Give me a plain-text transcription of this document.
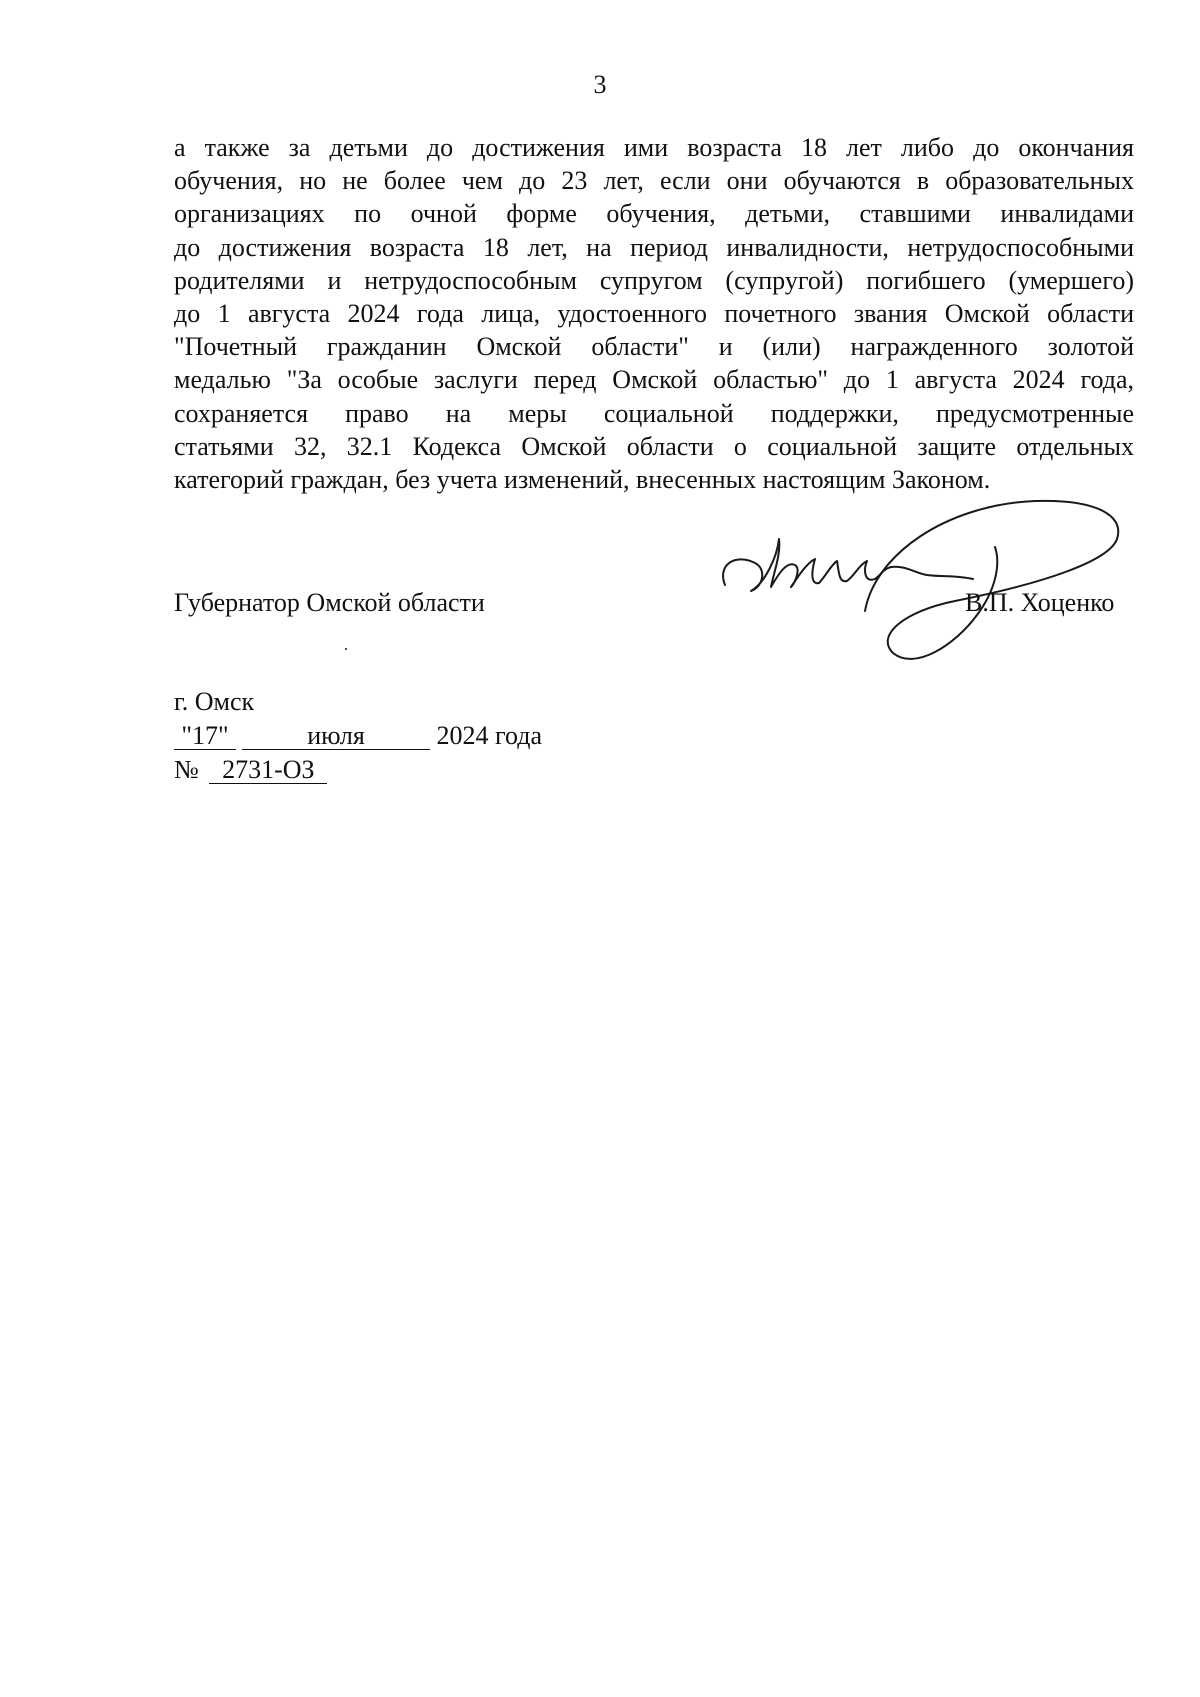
3
а также за детьми до достижения ими возраста 18 лет либо до окончания
обучения, но не более чем до 23 лет, если они обучаются в образовательных
организациях по очной форме обучения, детьми, ставшими инвалидами
до достижения возраста 18 лет, на период инвалидности, нетрудоспособными
родителями и нетрудоспособным супругом (супругой) погибшего (умершего)
до 1 августа 2024 года лица, удостоенного почетного звания Омской области
"Почетный гражданин Омской области" и (или) награжденного золотой
медалью "За особые заслуги перед Омской областью" до 1 августа 2024 года,
сохраняется право на меры социальной поддержки, предусмотренные
статьями 32, 32.1 Кодекса Омской области о социальной защите отдельных
категорий граждан, без учета изменений, внесенных настоящим Законом.
Губернатор Омской области	В.П. Хоценко
г. Омск
"17"	июля	2024 года
№ 2731-ОЗ
